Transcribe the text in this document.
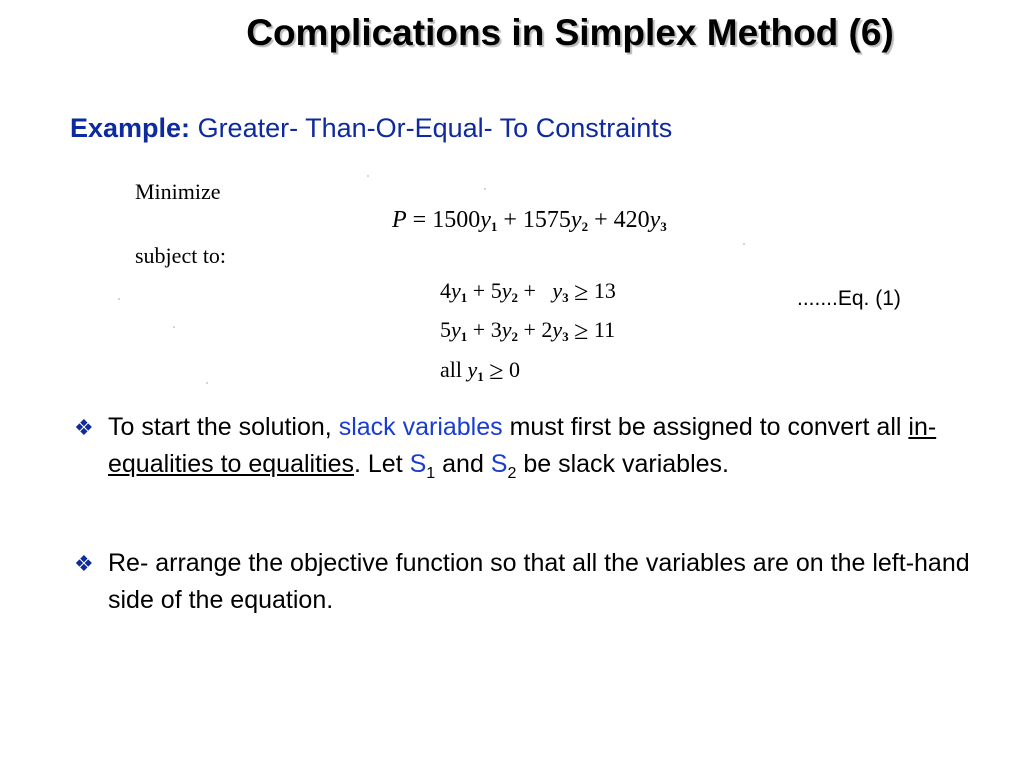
Complications in Simplex Method (6)
Example: Greater- Than-Or-Equal- To Constraints
Minimize
$P = 1500y_1 + 1575y_2 + 420y_3$
subject to:
$4y_1 + 5y_2 + y_3 \ge 13$	.......Eq. (1)
$5y_1 + 3y_2 + 2y_3 \ge 11$
all $y_1 \ge 0$
❖ To start the solution, slack variables must first be assigned to convert all in-equalities to equalities. Let $S_1$ and $S_2$ be slack variables.
❖ Re- arrange the objective function so that all the variables are on the left-hand side of the equation.
